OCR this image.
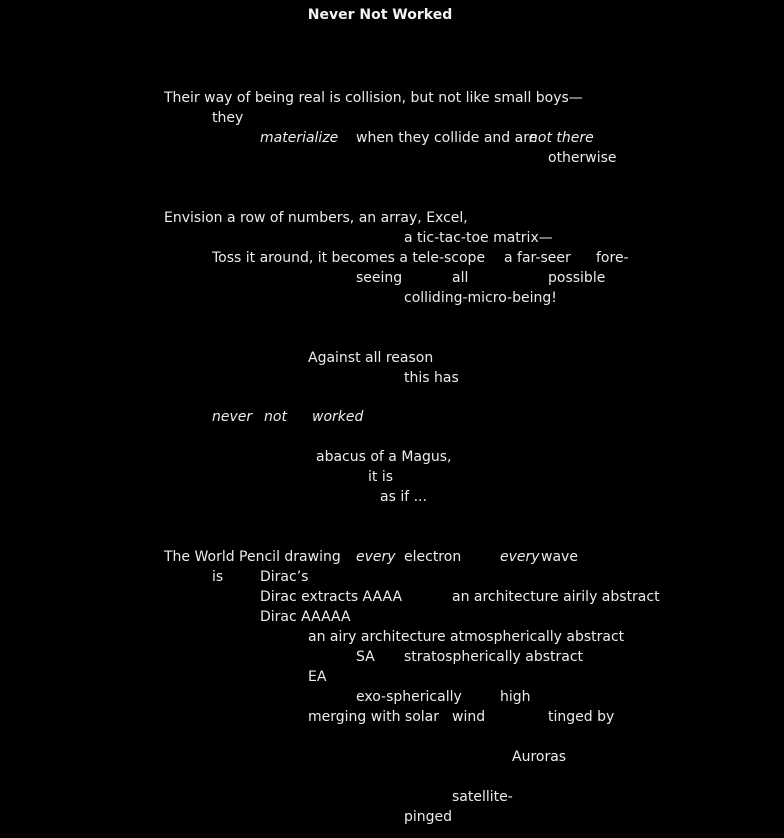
Never Not Worked
Their way of being real is collision, but not like small boys—
they
materialize when they collide and are
not there
otherwise
Envision a row of numbers, an array, Excel,
a tic-tac-toe matrix—
Toss it around, it becomes a tele-scope a far-seer fore-
seeing	all	possible
colliding-micro-being!
Against all reason
this has
never not worked
abacus of a Magus,
it is
as if ...
The World Pencil drawing every electron	every wave
is	Dirac’s
Dirac extracts AAAA	an architecture airily abstract
Dirac AAAAA
an airy architecture atmospherically abstract
SA stratospherically abstract
EA
exo-spherically	high
merging with solar wind	tinged by
Auroras
satellite-
pinged
